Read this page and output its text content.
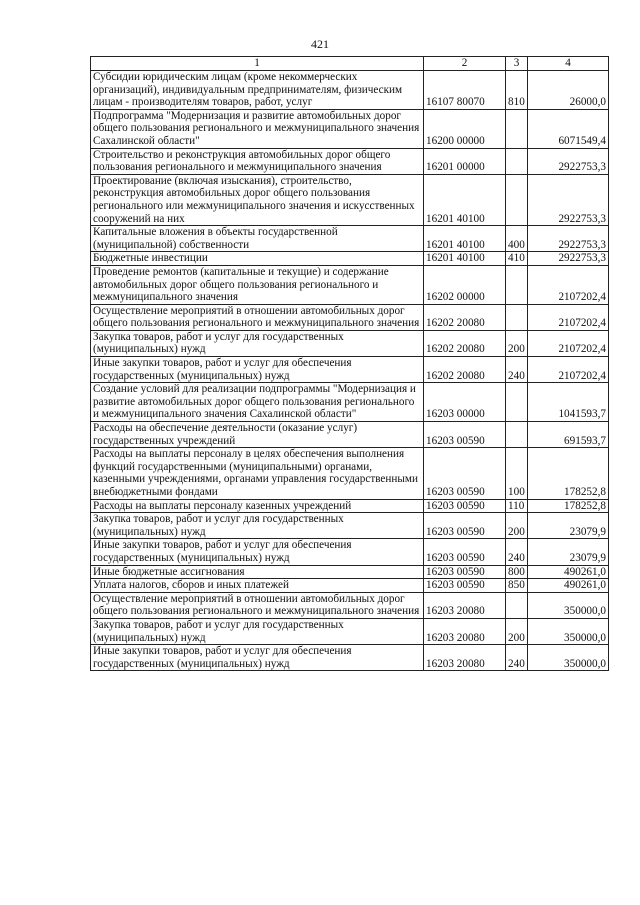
421
1	2	3	4
Субсидии юридическим лицам (кроме некоммерческих организаций), индивидуальным предпринимателям, физическим лицам - производителям товаров, работ, услуг	16107 80070	810	26000,0
Подпрограмма "Модернизация и развитие автомобильных дорог общего пользования регионального и межмуниципального значения Сахалинской области"	16200 00000		6071549,4
Строительство и реконструкция автомобильных дорог общего пользования регионального и межмуниципального значения	16201 00000		2922753,3
Проектирование (включая изыскания), строительство, реконструкция автомобильных дорог общего пользования регионального или межмуниципального значения и искусственных сооружений на них	16201 40100		2922753,3
Капитальные вложения в объекты государственной (муниципальной) собственности	16201 40100	400	2922753,3
Бюджетные инвестиции	16201 40100	410	2922753,3
Проведение ремонтов (капитальные и текущие) и содержание автомобильных дорог общего пользования регионального и межмуниципального значения	16202 00000		2107202,4
Осуществление мероприятий в отношении автомобильных дорог общего пользования регионального и межмуниципального значения	16202 20080		2107202,4
Закупка товаров, работ и услуг для государственных (муниципальных) нужд	16202 20080	200	2107202,4
Иные закупки товаров, работ и услуг для обеспечения государственных (муниципальных) нужд	16202 20080	240	2107202,4
Создание условий для реализации подпрограммы "Модернизация и развитие автомобильных дорог общего пользования регионального и межмуниципального значения Сахалинской области"	16203 00000		1041593,7
Расходы на обеспечение деятельности (оказание услуг) государственных учреждений	16203 00590		691593,7
Расходы на выплаты персоналу в целях обеспечения выполнения функций государственными (муниципальными) органами, казенными учреждениями, органами управления государственными внебюджетными фондами	16203 00590	100	178252,8
Расходы на выплаты персоналу казенных учреждений	16203 00590	110	178252,8
Закупка товаров, работ и услуг для государственных (муниципальных) нужд	16203 00590	200	23079,9
Иные закупки товаров, работ и услуг для обеспечения государственных (муниципальных) нужд	16203 00590	240	23079,9
Иные бюджетные ассигнования	16203 00590	800	490261,0
Уплата налогов, сборов и иных платежей	16203 00590	850	490261,0
Осуществление мероприятий в отношении автомобильных дорог общего пользования регионального и межмуниципального значения	16203 20080		350000,0
Закупка товаров, работ и услуг для государственных (муниципальных) нужд	16203 20080	200	350000,0
Иные закупки товаров, работ и услуг для обеспечения государственных (муниципальных) нужд	16203 20080	240	350000,0
